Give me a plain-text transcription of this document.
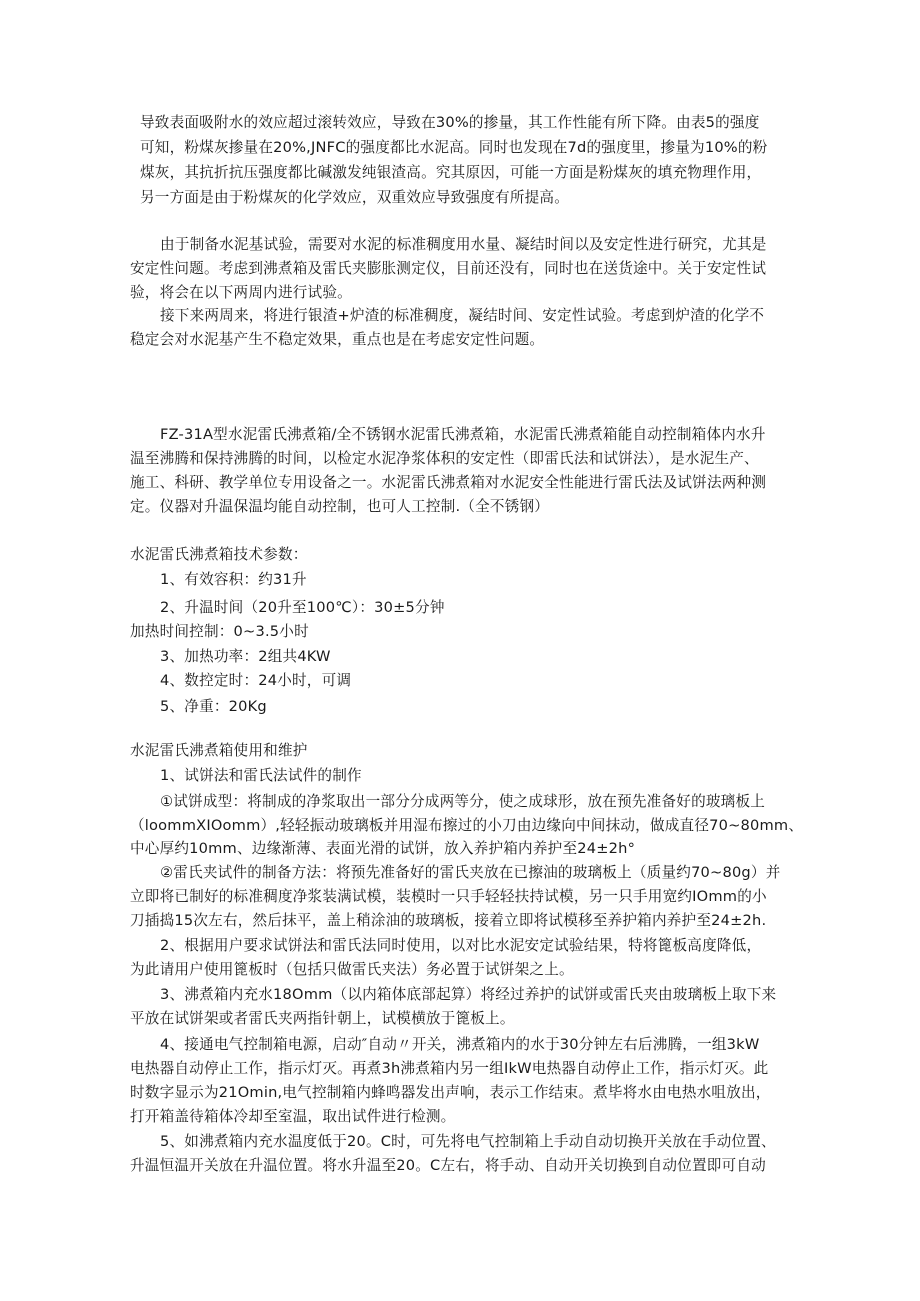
导致表面吸附水的效应超过滚转效应，导致在30%的掺量，其工作性能有所下降。由表5的强度
可知，粉煤灰掺量在20%,JNFC的强度都比水泥高。同时也发现在7d的强度里，掺量为10%的粉
煤灰，其抗折抗压强度都比碱激发纯银渣高。究其原因，可能一方面是粉煤灰的填充物理作用，
另一方面是由于粉煤灰的化学效应，双重效应导致强度有所提高。
由于制备水泥基试验，需要对水泥的标准稠度用水量、凝结时间以及安定性进行研究，尤其是
安定性问题。考虑到沸煮箱及雷氏夹膨胀测定仪，目前还没有，同时也在送货途中。关于安定性试
验，将会在以下两周内进行试验。
接下来两周来，将进行银渣+炉渣的标准稠度，凝结时间、安定性试验。考虑到炉渣的化学不
稳定会对水泥基产生不稳定效果，重点也是在考虑安定性问题。
FZ-31A型水泥雷氏沸煮箱/全不锈钢水泥雷氏沸煮箱，水泥雷氏沸煮箱能自动控制箱体内水升
温至沸腾和保持沸腾的时间，以检定水泥净浆体积的安定性（即雷氏法和试饼法），是水泥生产、
施工、科研、教学单位专用设备之一。水泥雷氏沸煮箱对水泥安全性能进行雷氏法及试饼法两种测
定。仪器对升温保温均能自动控制，也可人工控制.（全不锈钢）
水泥雷氏沸煮箱技术参数：
1、有效容积：约31升
2、升温时间（20升至100℃）：30±5分钟
加热时间控制：0~3.5小时
3、加热功率：2组共4KW
4、数控定时：24小时，可调
5、净重：20Kg
水泥雷氏沸煮箱使用和维护
1、试饼法和雷氏法试件的制作
①试饼成型：将制成的净浆取出一部分分成两等分，使之成球形，放在预先准备好的玻璃板上
（loommXIOomm）,轻轻振动玻璃板并用湿布擦过的小刀由边缘向中间抹动，做成直径70~80mm、
中心厚约10mm、边缘渐薄、表面光滑的试饼，放入养护箱内养护至24±2h°
②雷氏夹试件的制备方法：将预先准备好的雷氏夹放在已擦油的玻璃板上（质量约70~80g）并
立即将已制好的标准稠度净浆装满试模，装模时一只手轻轻扶持试模，另一只手用宽约IOmm的小
刀插捣15次左右，然后抹平，盖上稍涂油的玻璃板，接着立即将试模移至养护箱内养护至24±2h.
2、根据用户要求试饼法和雷氏法同时使用，以对比水泥安定试验结果，特将篦板高度降低，
为此请用户使用篦板时（包括只做雷氏夹法）务必置于试饼架之上。
3、沸煮箱内充水18Omm（以内箱体底部起算）将经过养护的试饼或雷氏夹由玻璃板上取下来
平放在试饼架或者雷氏夹两指针朝上，试模横放于篦板上。
4、接通电气控制箱电源，启动″自动〃开关，沸煮箱内的水于30分钟左右后沸腾，一组3kW
电热器自动停止工作，指示灯灭。再煮3h沸煮箱内另一组IkW电热器自动停止工作，指示灯灭。此
时数字显示为21Omin,电气控制箱内蜂鸣器发出声响，表示工作结束。煮毕将水由电热水咀放出，
打开箱盖待箱体冷却至室温，取出试件进行检测。
5、如沸煮箱内充水温度低于20。C时，可先将电气控制箱上手动自动切换开关放在手动位置、
升温恒温开关放在升温位置。将水升温至20。C左右，将手动、自动开关切换到自动位置即可自动
